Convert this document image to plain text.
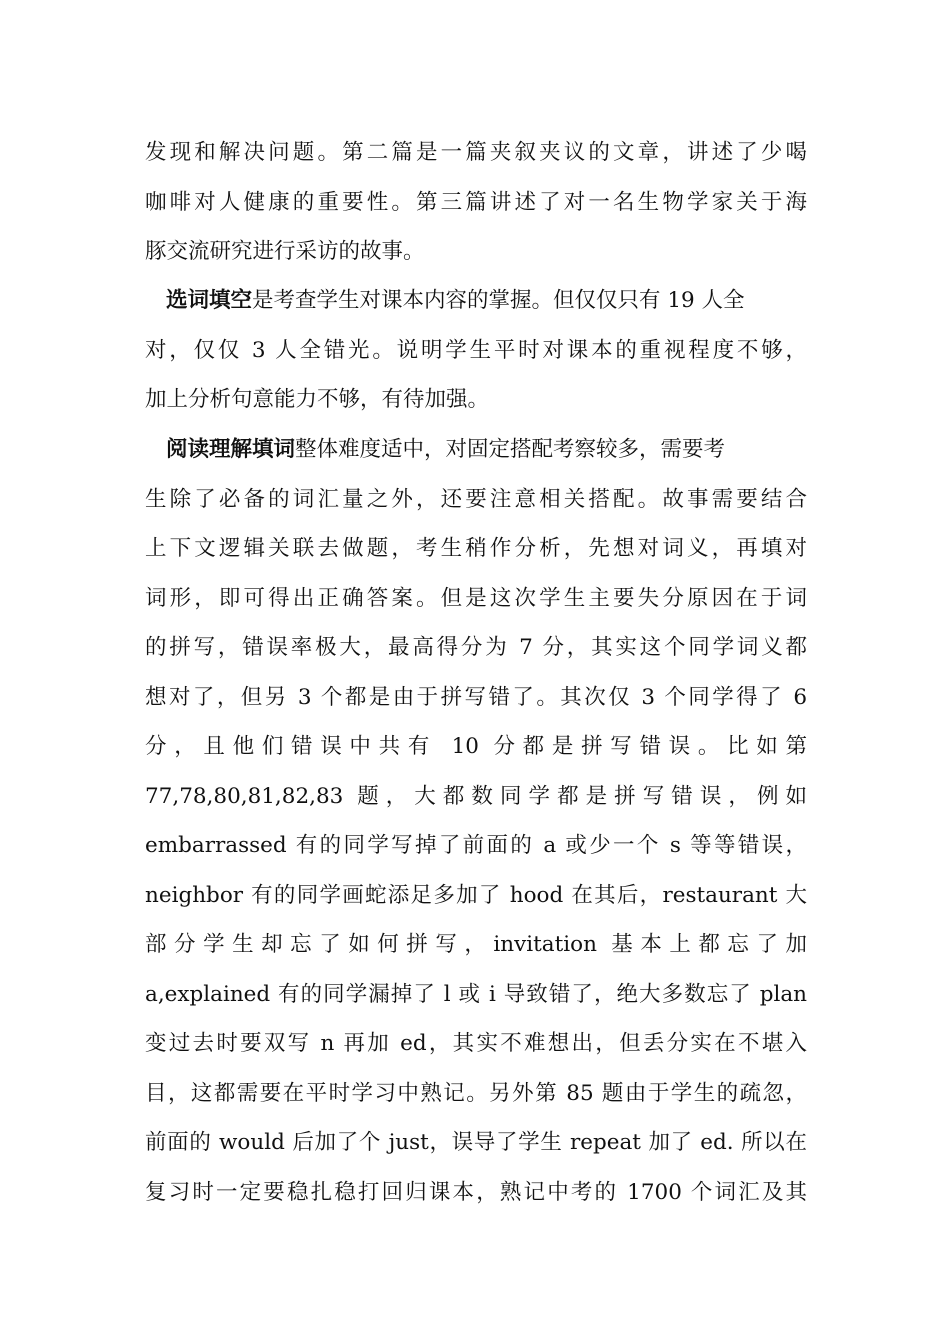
发现和解决问题。第二篇是一篇夹叙夹议的文章，讲述了少喝
咖啡对人健康的重要性。第三篇讲述了对一名生物学家关于海
豚交流研究进行采访的故事。
选词填空是考查学生对课本内容的掌握。但仅仅只有 19 人全
对，仅仅 3 人全错光。说明学生平时对课本的重视程度不够，
加上分析句意能力不够，有待加强。
阅读理解填词整体难度适中，对固定搭配考察较多，需要考
生除了必备的词汇量之外，还要注意相关搭配。故事需要结合
上下文逻辑关联去做题，考生稍作分析，先想对词义，再填对
词形，即可得出正确答案。但是这次学生主要失分原因在于词
的拼写，错误率极大，最高得分为 7 分，其实这个同学词义都
想对了，但另 3 个都是由于拼写错了。其次仅 3 个同学得了 6
分，且他们错误中共有 10 分都是拼写错误。比如第
77,78,80,81,82,83 题，大都数同学都是拼写错误，例如
embarrassed 有的同学写掉了前面的 a 或少一个 s 等等错误，
neighbor 有的同学画蛇添足多加了 hood 在其后，restaurant 大
部分学生却忘了如何拼写，invitation 基本上都忘了加
a,explained 有的同学漏掉了 l 或 i 导致错了，绝大多数忘了 plan
变过去时要双写 n 再加 ed，其实不难想出，但丢分实在不堪入
目，这都需要在平时学习中熟记。另外第 85 题由于学生的疏忽，
前面的 would 后加了个 just，误导了学生 repeat 加了 ed. 所以在
复习时一定要稳扎稳打回归课本，熟记中考的 1700 个词汇及其
